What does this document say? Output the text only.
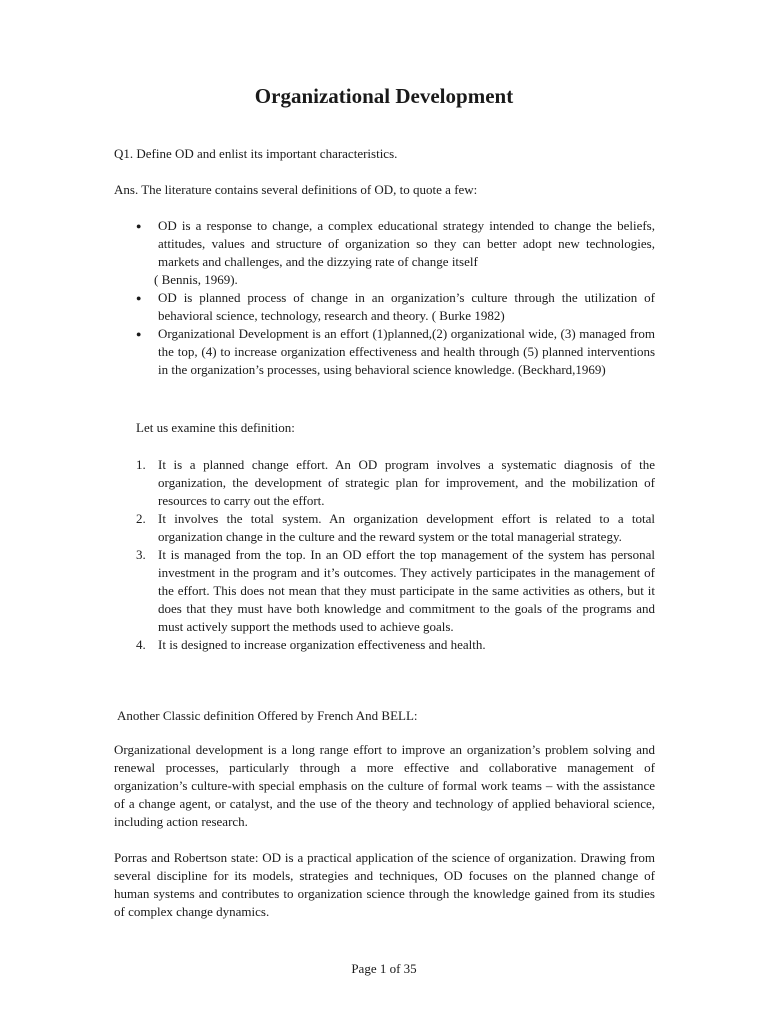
Organizational Development

Q1. Define OD and enlist its important characteristics.

Ans. The literature contains several definitions of OD, to quote a few:

● OD is a response to change, a complex educational strategy intended to change the beliefs, attitudes, values and structure of organization so they can better adopt new technologies, markets and challenges, and the dizzying rate of change itself
( Bennis, 1969).
● OD is planned process of change in an organization’s culture through the utilization of behavioral science, technology, research and theory. ( Burke 1982)
● Organizational Development is an effort (1)planned,(2) organizational wide, (3) managed from the top, (4) to increase organization effectiveness and health through (5) planned interventions in the organization’s processes, using behavioral science knowledge. (Beckhard,1969)

Let us examine this definition:

1. It is a planned change effort. An OD program involves a systematic diagnosis of the organization, the development of strategic plan for improvement, and the mobilization of resources to carry out the effort.
2. It involves the total system. An organization development effort is related to a total organization change in the culture and the reward system or the total managerial strategy.
3. It is managed from the top. In an OD effort the top management of the system has personal investment in the program and it’s outcomes. They actively participates in the management of the effort. This does not mean that they must participate in the same activities as others, but it does that they must have both knowledge and commitment to the goals of the programs and must actively support the methods used to achieve goals.
4. It is designed to increase organization effectiveness and health.

Another Classic definition Offered by French And BELL:

Organizational development is a long range effort to improve an organization’s problem solving and renewal processes, particularly through a more effective and collaborative management of organization’s culture-with special emphasis on the culture of formal work teams – with the assistance of a change agent, or catalyst, and the use of the theory and technology of applied behavioral science, including action research.

Porras and Robertson state: OD is a practical application of the science of organization. Drawing from several discipline for its models, strategies and techniques, OD focuses on the planned change of human systems and contributes to organization science through the knowledge gained from its studies of complex change dynamics.

Page 1 of 35
